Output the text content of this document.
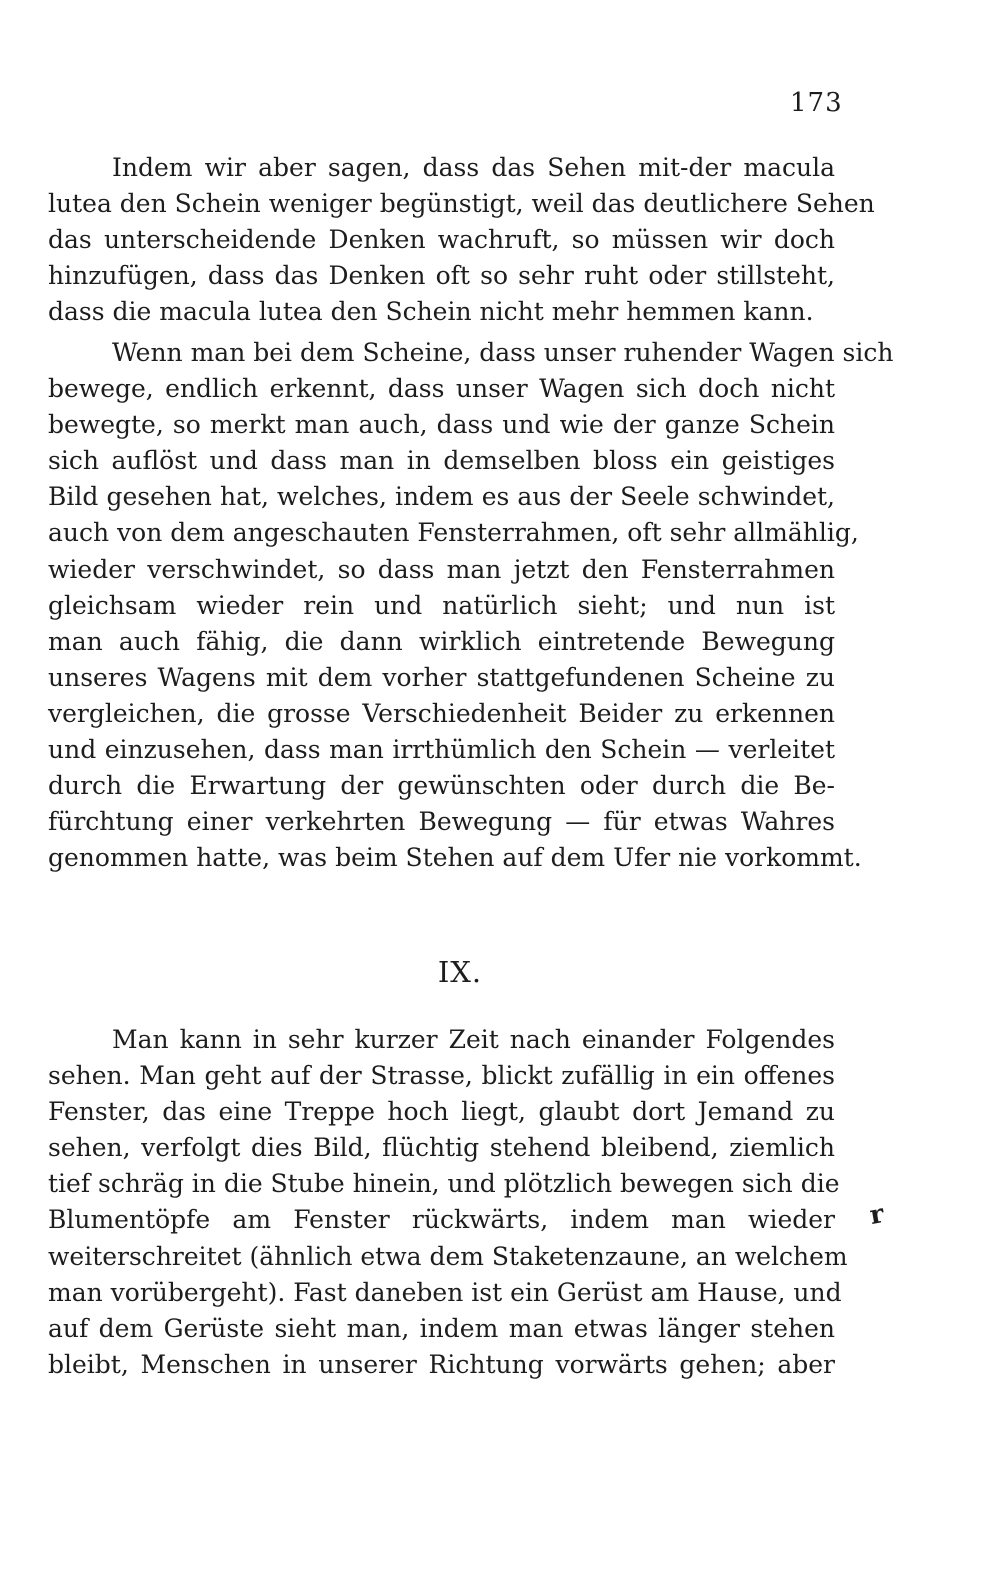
173
Indem wir aber sagen, dass das Sehen mit-der macula
lutea den Schein weniger begünstigt, weil das deutlichere Sehen
das unterscheidende Denken wachruft, so müssen wir doch
hinzufügen, dass das Denken oft so sehr ruht oder stillsteht,
dass die macula lutea den Schein nicht mehr hemmen kann.
Wenn man bei dem Scheine, dass unser ruhender Wagen sich
bewege, endlich erkennt, dass unser Wagen sich doch nicht
bewegte, so merkt man auch, dass und wie der ganze Schein
sich auflöst und dass man in demselben bloss ein geistiges
Bild gesehen hat, welches, indem es aus der Seele schwindet,
auch von dem angeschauten Fensterrahmen, oft sehr allmählig,
wieder verschwindet, so dass man jetzt den Fensterrahmen
gleichsam wieder rein und natürlich sieht; und nun ist
man auch fähig, die dann wirklich eintretende Bewegung
unseres Wagens mit dem vorher stattgefundenen Scheine zu
vergleichen, die grosse Verschiedenheit Beider zu erkennen
und einzusehen, dass man irrthümlich den Schein — verleitet
durch die Erwartung der gewünschten oder durch die Be-
fürchtung einer verkehrten Bewegung — für etwas Wahres
genommen hatte, was beim Stehen auf dem Ufer nie vorkommt.
IX.
Man kann in sehr kurzer Zeit nach einander Folgendes
sehen. Man geht auf der Strasse, blickt zufällig in ein offenes
Fenster, das eine Treppe hoch liegt, glaubt dort Jemand zu
sehen, verfolgt dies Bild, flüchtig stehend bleibend, ziemlich
tief schräg in die Stube hinein, und plötzlich bewegen sich die
Blumentöpfe am Fenster rückwärts, indem man wieder
weiterschreitet (ähnlich etwa dem Staketenzaune, an welchem
man vorübergeht). Fast daneben ist ein Gerüst am Hause, und
auf dem Gerüste sieht man, indem man etwas länger stehen
bleibt, Menschen in unserer Richtung vorwärts gehen; aber
r
